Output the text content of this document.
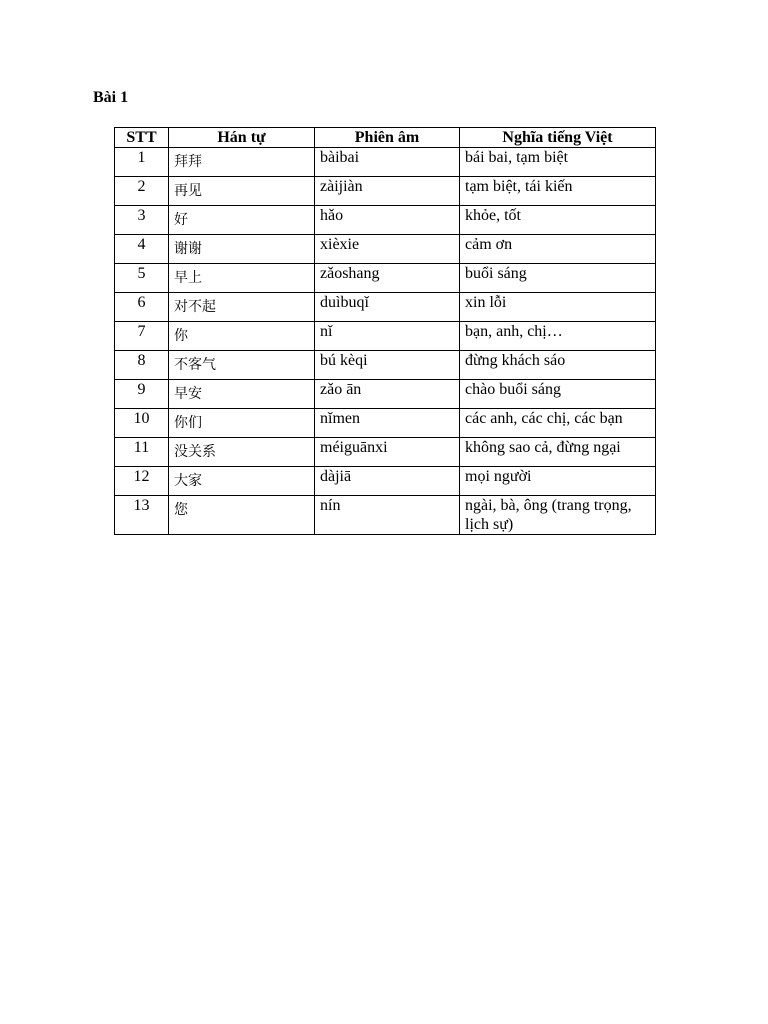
Bài 1

STT	Hán tự	Phiên âm	Nghĩa tiếng Việt
1	拜拜	bàibai	bái bai, tạm biệt
2	再见	zàijiàn	tạm biệt, tái kiến
3	好	hǎo	khỏe, tốt
4	谢谢	xièxie	cảm ơn
5	早上	zǎoshang	buổi sáng
6	对不起	duìbuqǐ	xin lỗi
7	你	nǐ	bạn, anh, chị…
8	不客气	bú kèqi	đừng khách sáo
9	早安	zǎo ān	chào buổi sáng
10	你们	nǐmen	các anh, các chị, các bạn
11	没关系	méiguānxi	không sao cả, đừng ngại
12	大家	dàjiā	mọi người
13	您	nín	ngài, bà, ông (trang trọng, lịch sự)
